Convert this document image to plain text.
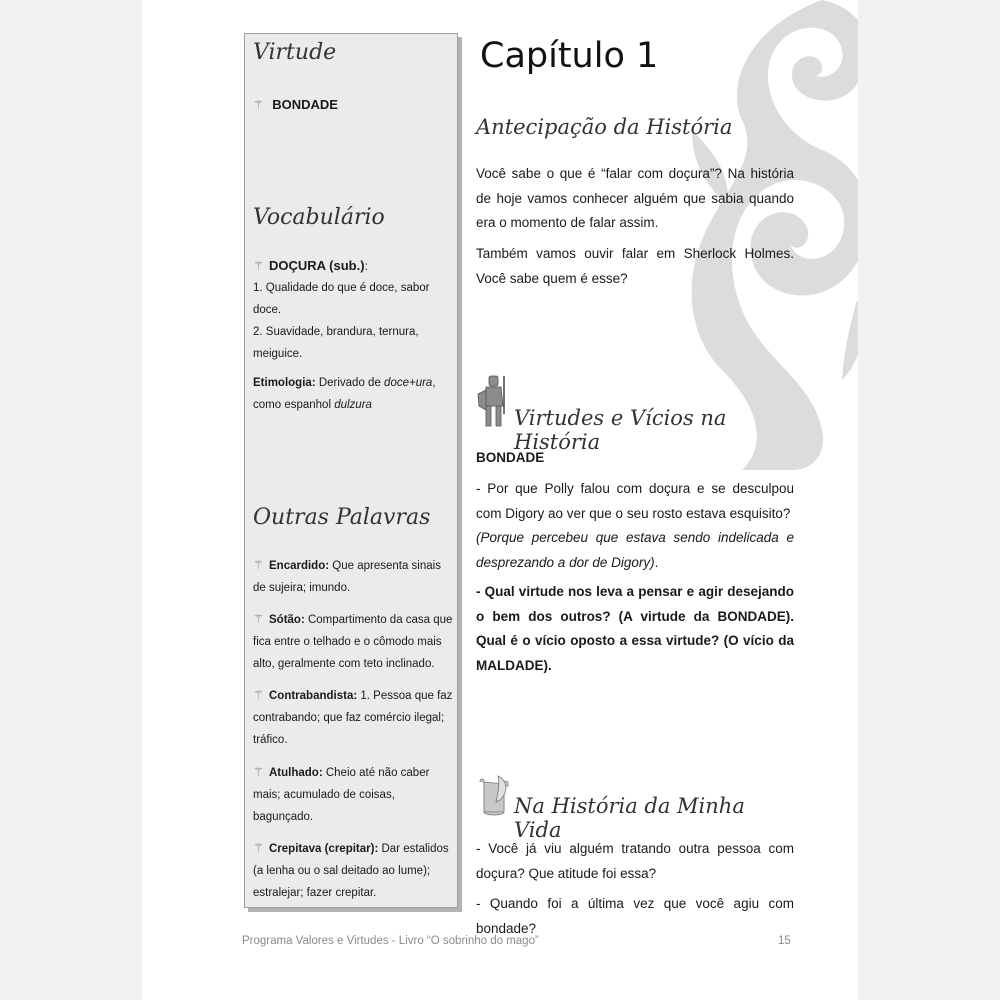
Virtude

⚚ BONDADE

Vocabulário

⚚ DOÇURA (sub.):

1. Qualidade do que é doce, sabor doce.

2. Suavidade, brandura, ternura, meiguice.

Etimologia: Derivado de doce+ura, como espanhol dulzura

Outras Palavras

⚚ Encardido: Que apresenta sinais de sujeira; imundo.

⚚ Sótão: Compartimento da casa que fica entre o telhado e o cômodo mais alto, geralmente com teto inclinado.

⚚ Contrabandista: 1. Pessoa que faz contrabando; que faz comércio ilegal; tráfico.

⚚ Atulhado: Cheio até não caber mais; acumulado de coisas, bagunçado.

⚚ Crepitava (crepitar): Dar estalidos (a lenha ou o sal deitado ao lume); estralejar; fazer crepitar.

Capítulo 1
Antecipação da História

Você sabe o que é “falar com doçura”? Na história de hoje vamos conhecer alguém que sabia quando era o momento de falar assim.

Também vamos ouvir falar em Sherlock Holmes. Você sabe quem é esse?

Virtudes e Vícios na História

BONDADE

- Por que Polly falou com doçura e se desculpou com Digory ao ver que o seu rosto estava esquisito?

(Porque percebeu que estava sendo indelicada e desprezando a dor de Digory).

- Qual virtude nos leva a pensar e agir desejando o bem dos outros? (A virtude da BONDADE). Qual é o vício oposto a essa virtude? (O vício da MALDADE).

Na História da Minha Vida

- Você já viu alguém tratando outra pessoa com doçura? Que atitude foi essa?

- Quando foi a última vez que você agiu com bondade?

Programa Valores e Virtudes - Livro “O sobrinho do mago”	15
